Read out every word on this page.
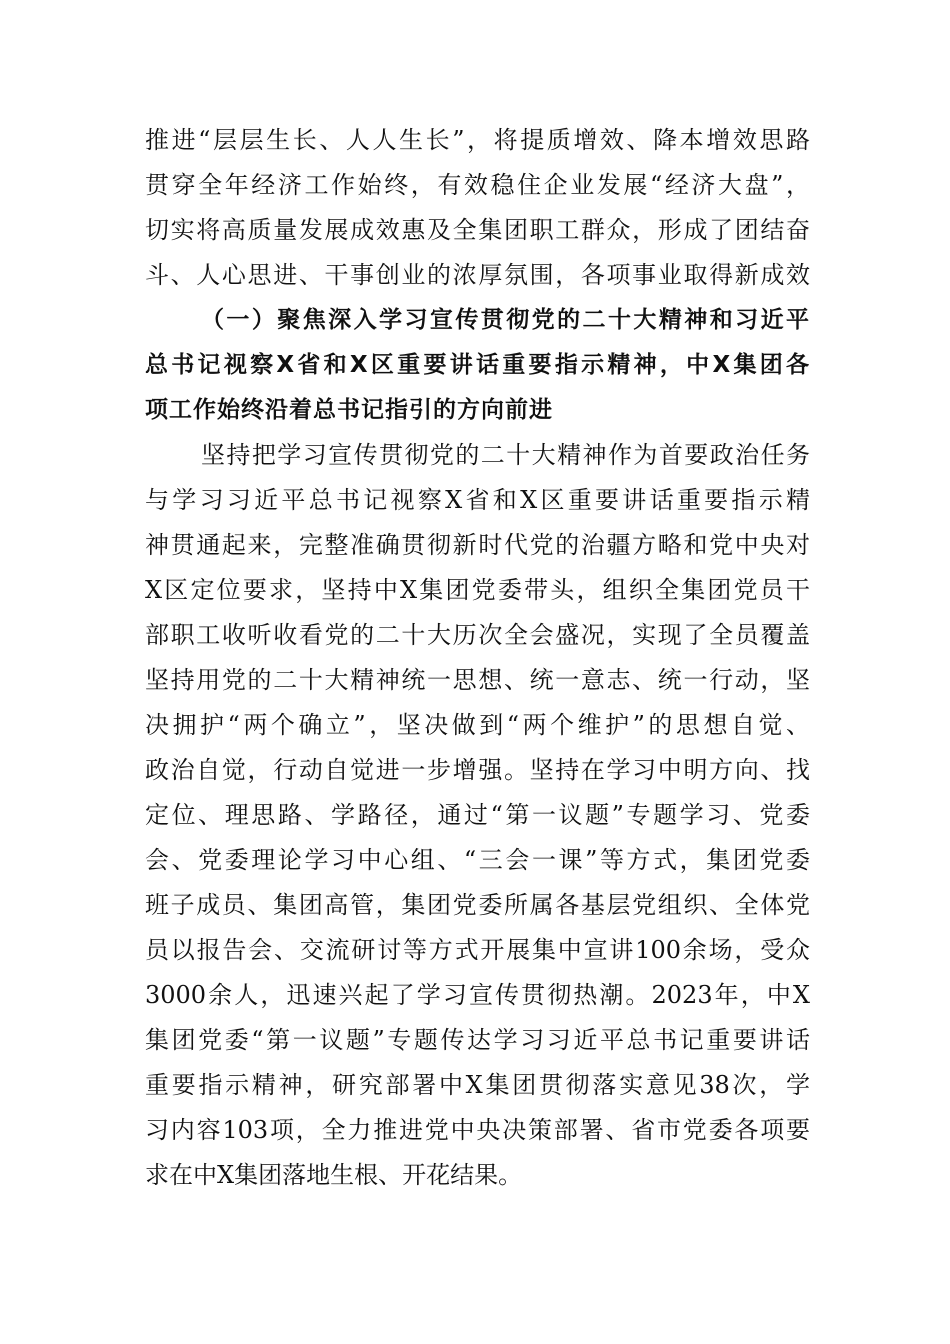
推进“层层生长、人人生长”，将提质增效、降本增效思路
贯穿全年经济工作始终，有效稳住企业发展“经济大盘”，
切实将高质量发展成效惠及全集团职工群众，形成了团结奋
斗、人心思进、干事创业的浓厚氛围，各项事业取得新成效
（一）聚焦深入学习宣传贯彻党的二十大精神和习近平
总书记视察X省和X区重要讲话重要指示精神，中X集团各
项工作始终沿着总书记指引的方向前进
坚持把学习宣传贯彻党的二十大精神作为首要政治任务
与学习习近平总书记视察X省和X区重要讲话重要指示精
神贯通起来，完整准确贯彻新时代党的治疆方略和党中央对
X区定位要求，坚持中X集团党委带头，组织全集团党员干
部职工收听收看党的二十大历次全会盛况，实现了全员覆盖
坚持用党的二十大精神统一思想、统一意志、统一行动，坚
决拥护“两个确立”，坚决做到“两个维护”的思想自觉、
政治自觉，行动自觉进一步增强。坚持在学习中明方向、找
定位、理思路、学路径，通过“第一议题”专题学习、党委
会、党委理论学习中心组、“三会一课”等方式，集团党委
班子成员、集团高管，集团党委所属各基层党组织、全体党
员以报告会、交流研讨等方式开展集中宣讲100余场，受众
3000余人，迅速兴起了学习宣传贯彻热潮。2023年，中X
集团党委“第一议题”专题传达学习习近平总书记重要讲话
重要指示精神，研究部署中X集团贯彻落实意见38次，学
习内容103项，全力推进党中央决策部署、省市党委各项要
求在中X集团落地生根、开花结果。
